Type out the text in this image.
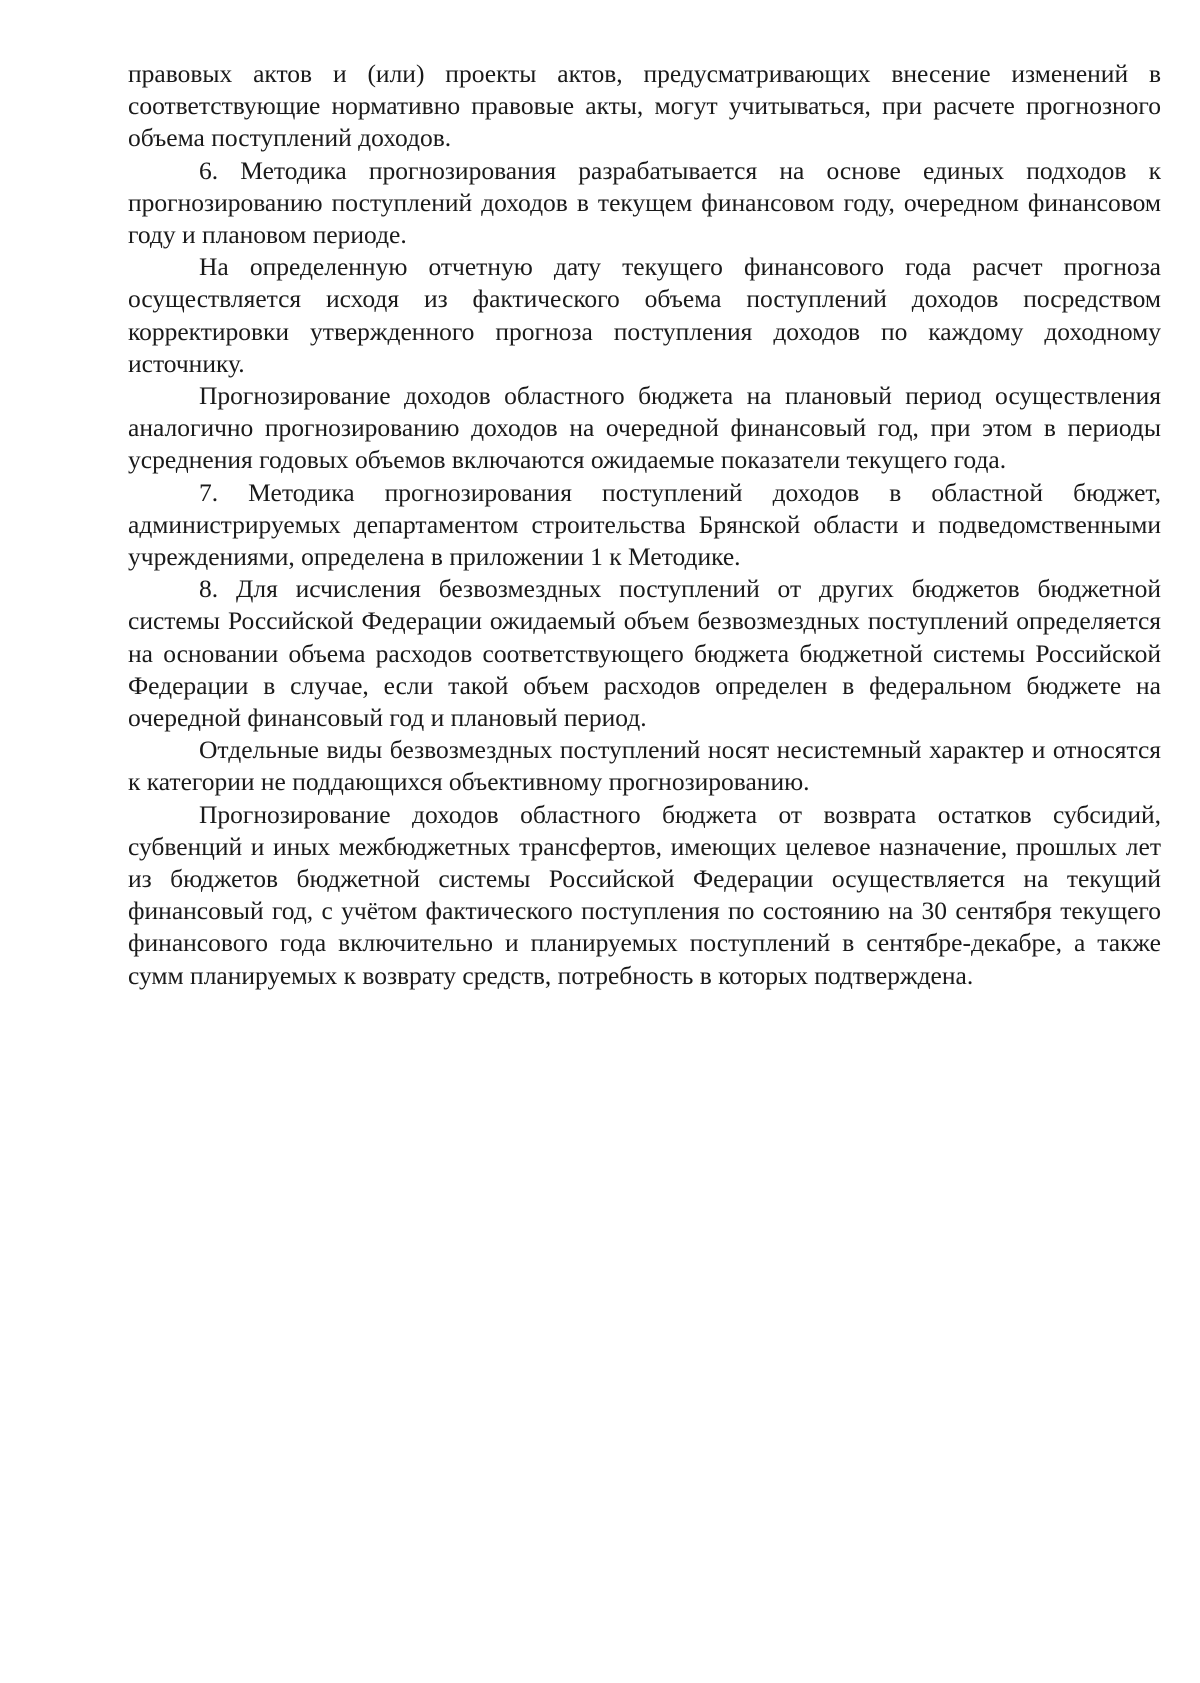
правовых актов и (или) проекты актов, предусматривающих внесение изменений в соответствующие нормативно правовые акты, могут учитываться, при расчете прогнозного объема поступлений доходов.

6. Методика прогнозирования разрабатывается на основе единых подходов к прогнозированию поступлений доходов в текущем финансовом году, очередном финансовом году и плановом периоде.

На определенную отчетную дату текущего финансового года расчет прогноза осуществляется исходя из фактического объема поступлений доходов посредством корректировки утвержденного прогноза поступления доходов по каждому доходному источнику.

Прогнозирование доходов областного бюджета на плановый период осуществления аналогично прогнозированию доходов на очередной финансовый год, при этом в периоды усреднения годовых объемов включаются ожидаемые показатели текущего года.

7. Методика прогнозирования поступлений доходов в областной бюджет, администрируемых департаментом строительства Брянской области и подведомственными учреждениями, определена в приложении 1 к Методике.

8. Для исчисления безвозмездных поступлений от других бюджетов бюджетной системы Российской Федерации ожидаемый объем безвозмездных поступлений определяется на основании объема расходов соответствующего бюджета бюджетной системы Российской Федерации в случае, если такой объем расходов определен в федеральном бюджете на очередной финансовый год и плановый период.

Отдельные виды безвозмездных поступлений носят несистемный характер и относятся к категории не поддающихся объективному прогнозированию.

Прогнозирование доходов областного бюджета от возврата остатков субсидий, субвенций и иных межбюджетных трансфертов, имеющих целевое назначение, прошлых лет из бюджетов бюджетной системы Российской Федерации осуществляется на текущий финансовый год, с учётом фактического поступления по состоянию на 30 сентября текущего финансового года включительно и планируемых поступлений в сентябре-декабре, а также сумм планируемых к возврату средств, потребность в которых подтверждена.
